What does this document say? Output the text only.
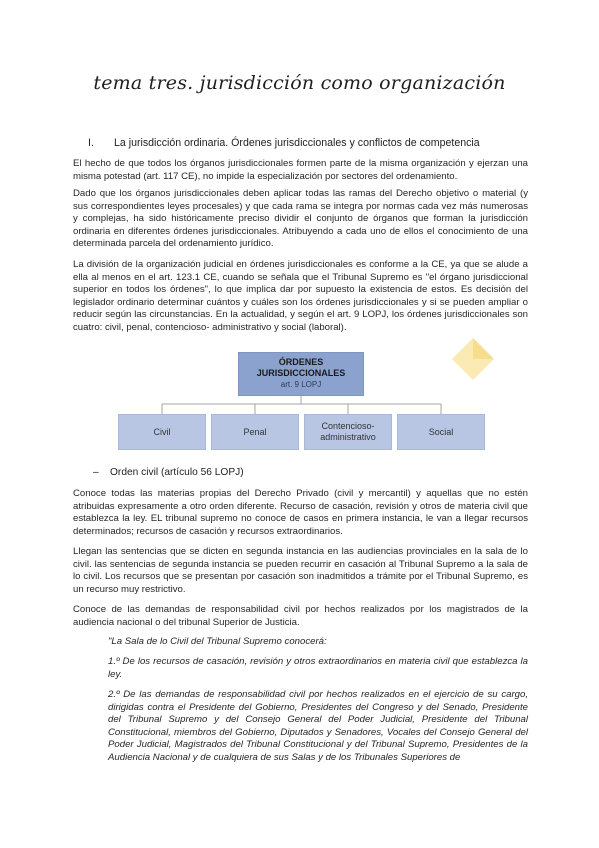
tema tres. jurisdicción como organización
I. La jurisdicción ordinaria. Órdenes jurisdiccionales y conflictos de competencia
El hecho de que todos los órganos jurisdiccionales formen parte de la misma organización y ejerzan una misma potestad (art. 117 CE), no impide la especialización por sectores del ordenamiento.
Dado que los órganos jurisdiccionales deben aplicar todas las ramas del Derecho objetivo o material (y sus correspondientes leyes procesales) y que cada rama se integra por normas cada vez más numerosas y complejas, ha sido históricamente preciso dividir el conjunto de órganos que forman la jurisdicción ordinaria en diferentes órdenes jurisdiccionales. Atribuyendo a cada uno de ellos el conocimiento de una determinada parcela del ordenamiento jurídico.
La división de la organización judicial en órdenes jurisdiccionales es conforme a la CE, ya que se alude a ella al menos en el art. 123.1 CE, cuando se señala que el Tribunal Supremo es "el órgano jurisdiccional superior en todos los órdenes", lo que implica dar por supuesto la existencia de estos. Es decisión del legislador ordinario determinar cuántos y cuáles son los órdenes jurisdiccionales y si se pueden ampliar o reducir según las circunstancias. En la actualidad, y según el art. 9 LOPJ, los órdenes jurisdiccionales son cuatro: civil, penal, contencioso- administrativo y social (laboral).
ÓRDENES JURISDICCIONALES
art. 9 LOPJ
Civil	Penal
Contencioso-administrativo
Social
– Orden civil (artículo 56 LOPJ)
Conoce todas las materias propias del Derecho Privado (civil y mercantil) y aquellas que no estén atribuidas expresamente a otro orden diferente. Recurso de casación, revisión y otros de materia civil que establezca la ley. EL tribunal supremo no conoce de casos en primera instancia, le van a llegar recursos determinados; recursos de casación y recursos extraordinarios.
Llegan las sentencias que se dicten en segunda instancia en las audiencias provinciales en la sala de lo civil. las sentencias de segunda instancia se pueden recurrir en casación al Tribunal Supremo a la sala de lo civil. Los recursos que se presentan por casación son inadmitidos a trámite por el Tribunal Supremo, es un recurso muy restrictivo.
Conoce de las demandas de responsabilidad civil por hechos realizados por los magistrados de la audiencia nacional o del tribunal Superior de Justicia.
"La Sala de lo Civil del Tribunal Supremo conocerá:
1.º De los recursos de casación, revisión y otros extraordinarios en materia civil que establezca la ley.
2.º De las demandas de responsabilidad civil por hechos realizados en el ejercicio de su cargo, dirigidas contra el Presidente del Gobierno, Presidentes del Congreso y del Senado, Presidente del Tribunal Supremo y del Consejo General del Poder Judicial, Presidente del Tribunal Constitucional, miembros del Gobierno, Diputados y Senadores, Vocales del Consejo General del Poder Judicial, Magistrados del Tribunal Constitucional y del Tribunal Supremo, Presidentes de la Audiencia Nacional y de cualquiera de sus Salas y de los Tribunales Superiores de
